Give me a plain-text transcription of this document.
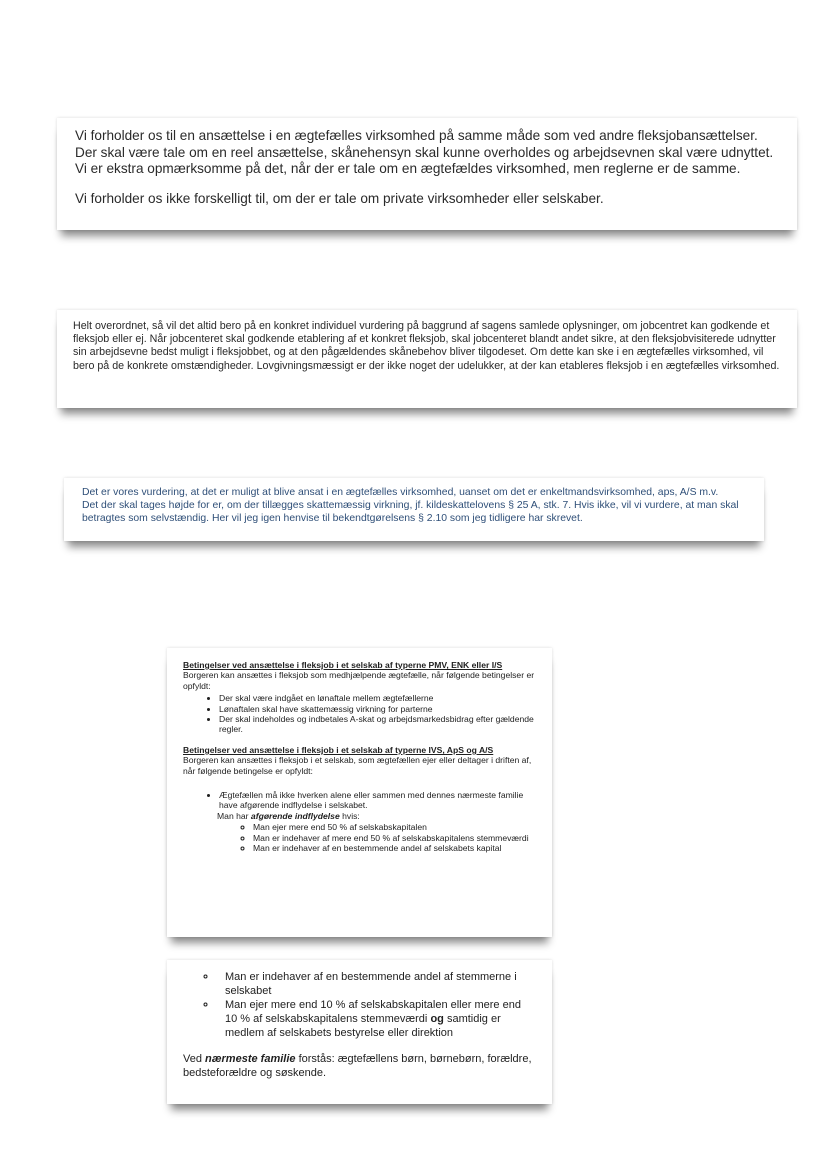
Vi forholder os til en ansættelse i en ægtefælles virksomhed på samme måde som ved andre fleksjobansættelser.

Der skal være tale om en reel ansættelse, skånehensyn skal kunne overholdes og arbejdsevnen skal være udnyttet.

Vi er ekstra opmærksomme på det, når der er tale om en ægtefældes virksomhed, men reglerne er de samme.

Vi forholder os ikke forskelligt til, om der er tale om private virksomheder eller selskaber.

Helt overordnet, så vil det altid bero på en konkret individuel vurdering på baggrund af sagens samlede oplysninger, om jobcentret kan godkende et fleksjob eller ej. Når jobcenteret skal godkende etablering af et konkret fleksjob, skal jobcenteret blandt andet sikre, at den fleksjobvisiterede udnytter sin arbejdsevne bedst muligt i fleksjobbet, og at den pågældendes skånebehov bliver tilgodeset. Om dette kan ske i en ægtefælles virksomhed, vil bero på de konkrete omstændigheder. Lovgivningsmæssigt er der ikke noget der udelukker, at der kan etableres fleksjob i en ægtefælles virksomhed.

Det er vores vurdering, at det er muligt at blive ansat i en ægtefælles virksomhed, uanset om det er enkeltmandsvirksomhed, aps, A/S m.v.

Det der skal tages højde for er, om der tillægges skattemæssig virkning, jf. kildeskattelovens § 25 A, stk. 7. Hvis ikke, vil vi vurdere, at man skal betragtes som selvstændig. Her vil jeg igen henvise til bekendtgørelsens § 2.10 som jeg tidligere har skrevet.

Betingelser ved ansættelse i fleksjob i et selskab af typerne PMV, ENK eller I/S

Borgeren kan ansættes i fleksjob som medhjælpende ægtefælle, når følgende betingelser er opfyldt:

• Der skal være indgået en lønaftale mellem ægtefællerne
• Lønaftalen skal have skattemæssig virkning for parterne
• Der skal indeholdes og indbetales A-skat og arbejdsmarkedsbidrag efter gældende regler.

Betingelser ved ansættelse i fleksjob i et selskab af typerne IVS, ApS og A/S

Borgeren kan ansættes i fleksjob i et selskab, som ægtefællen ejer eller deltager i driften af, når følgende betingelse er opfyldt:

• Ægtefællen må ikke hverken alene eller sammen med dennes nærmeste familie have afgørende indflydelse i selskabet.

Man har afgørende indflydelse hvis:

◦ Man ejer mere end 50 % af selskabskapitalen
◦ Man er indehaver af mere end 50 % af selskabskapitalens stemmeværdi
◦ Man er indehaver af en bestemmende andel af selskabets kapital
◦ Man er indehaver af en bestemmende andel af stemmerne i selskabet
◦ Man ejer mere end 10 % af selskabskapitalen eller mere end 10 % af selskabskapitalens stemmeværdi og samtidig er medlem af selskabets bestyrelse eller direktion

Ved nærmeste familie forstås: ægtefællens børn, børnebørn, forældre, bedsteforældre og søskende.
